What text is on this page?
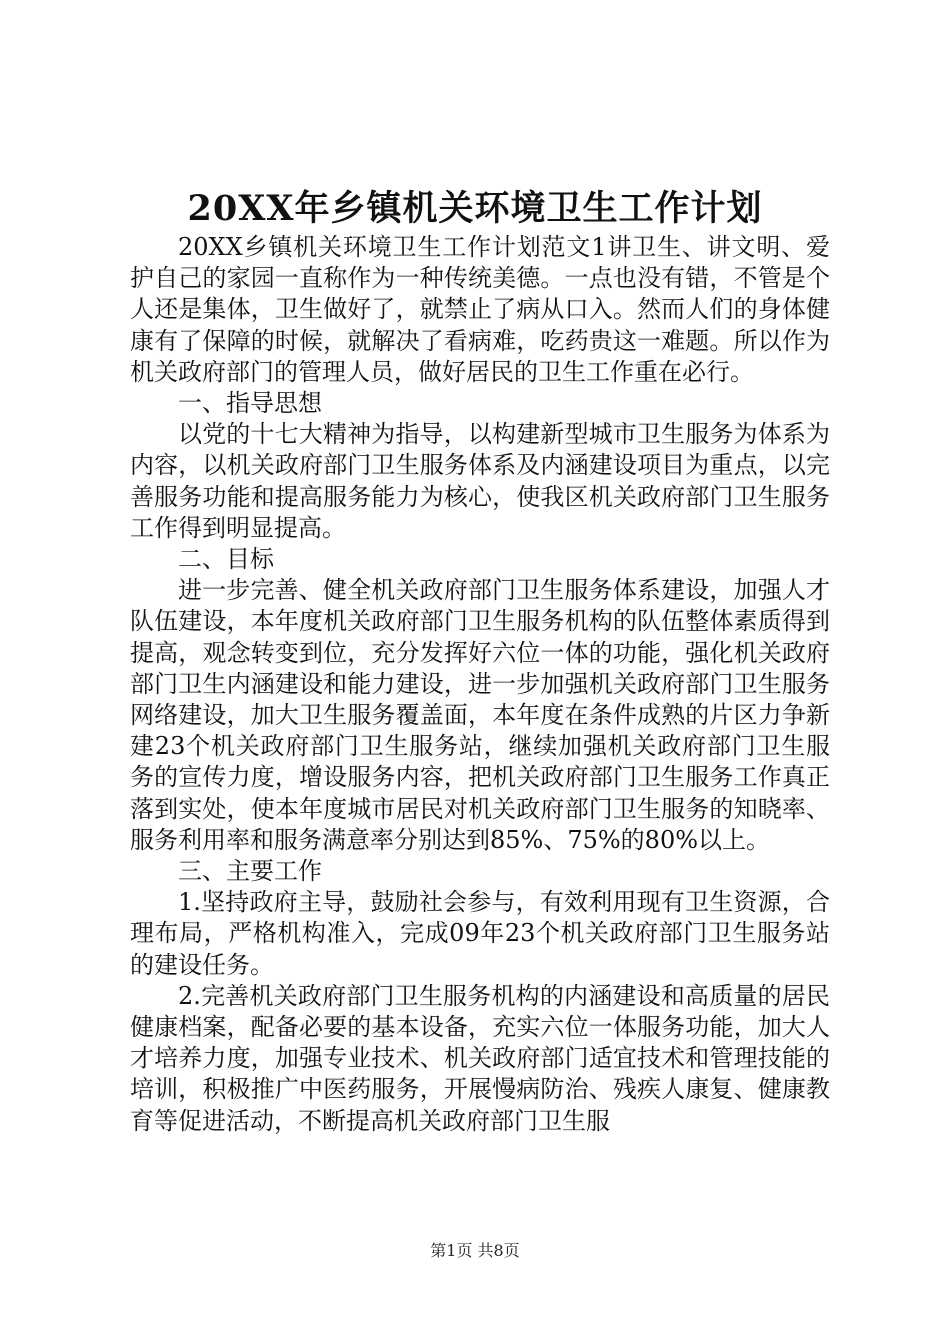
20XX年乡镇机关环境卫生工作计划

20XX乡镇机关环境卫生工作计划范文1讲卫生、讲文明、爱护自己的家园一直称作为一种传统美德。一点也没有错，不管是个人还是集体，卫生做好了，就禁止了病从口入。然而人们的身体健康有了保障的时候，就解决了看病难，吃药贵这一难题。所以作为机关政府部门的管理人员，做好居民的卫生工作重在必行。

一、指导思想

以党的十七大精神为指导，以构建新型城市卫生服务为体系为内容，以机关政府部门卫生服务体系及内涵建设项目为重点，以完善服务功能和提高服务能力为核心，使我区机关政府部门卫生服务工作得到明显提高。

二、目标

进一步完善、健全机关政府部门卫生服务体系建设，加强人才队伍建设，本年度机关政府部门卫生服务机构的队伍整体素质得到提高，观念转变到位，充分发挥好六位一体的功能，强化机关政府部门卫生内涵建设和能力建设，进一步加强机关政府部门卫生服务网络建设，加大卫生服务覆盖面，本年度在条件成熟的片区力争新建23个机关政府部门卫生服务站，继续加强机关政府部门卫生服务的宣传力度，增设服务内容，把机关政府部门卫生服务工作真正落到实处，使本年度城市居民对机关政府部门卫生服务的知晓率、服务利用率和服务满意率分别达到85%、75%的80%以上。

三、主要工作

1.坚持政府主导，鼓励社会参与，有效利用现有卫生资源，合理布局，严格机构准入，完成09年23个机关政府部门卫生服务站的建设任务。

2.完善机关政府部门卫生服务机构的内涵建设和高质量的居民健康档案，配备必要的基本设备，充实六位一体服务功能，加大人才培养力度，加强专业技术、机关政府部门适宜技术和管理技能的培训，积极推广中医药服务，开展慢病防治、残疾人康复、健康教育等促进活动，不断提高机关政府部门卫生服

第1页 共8页
